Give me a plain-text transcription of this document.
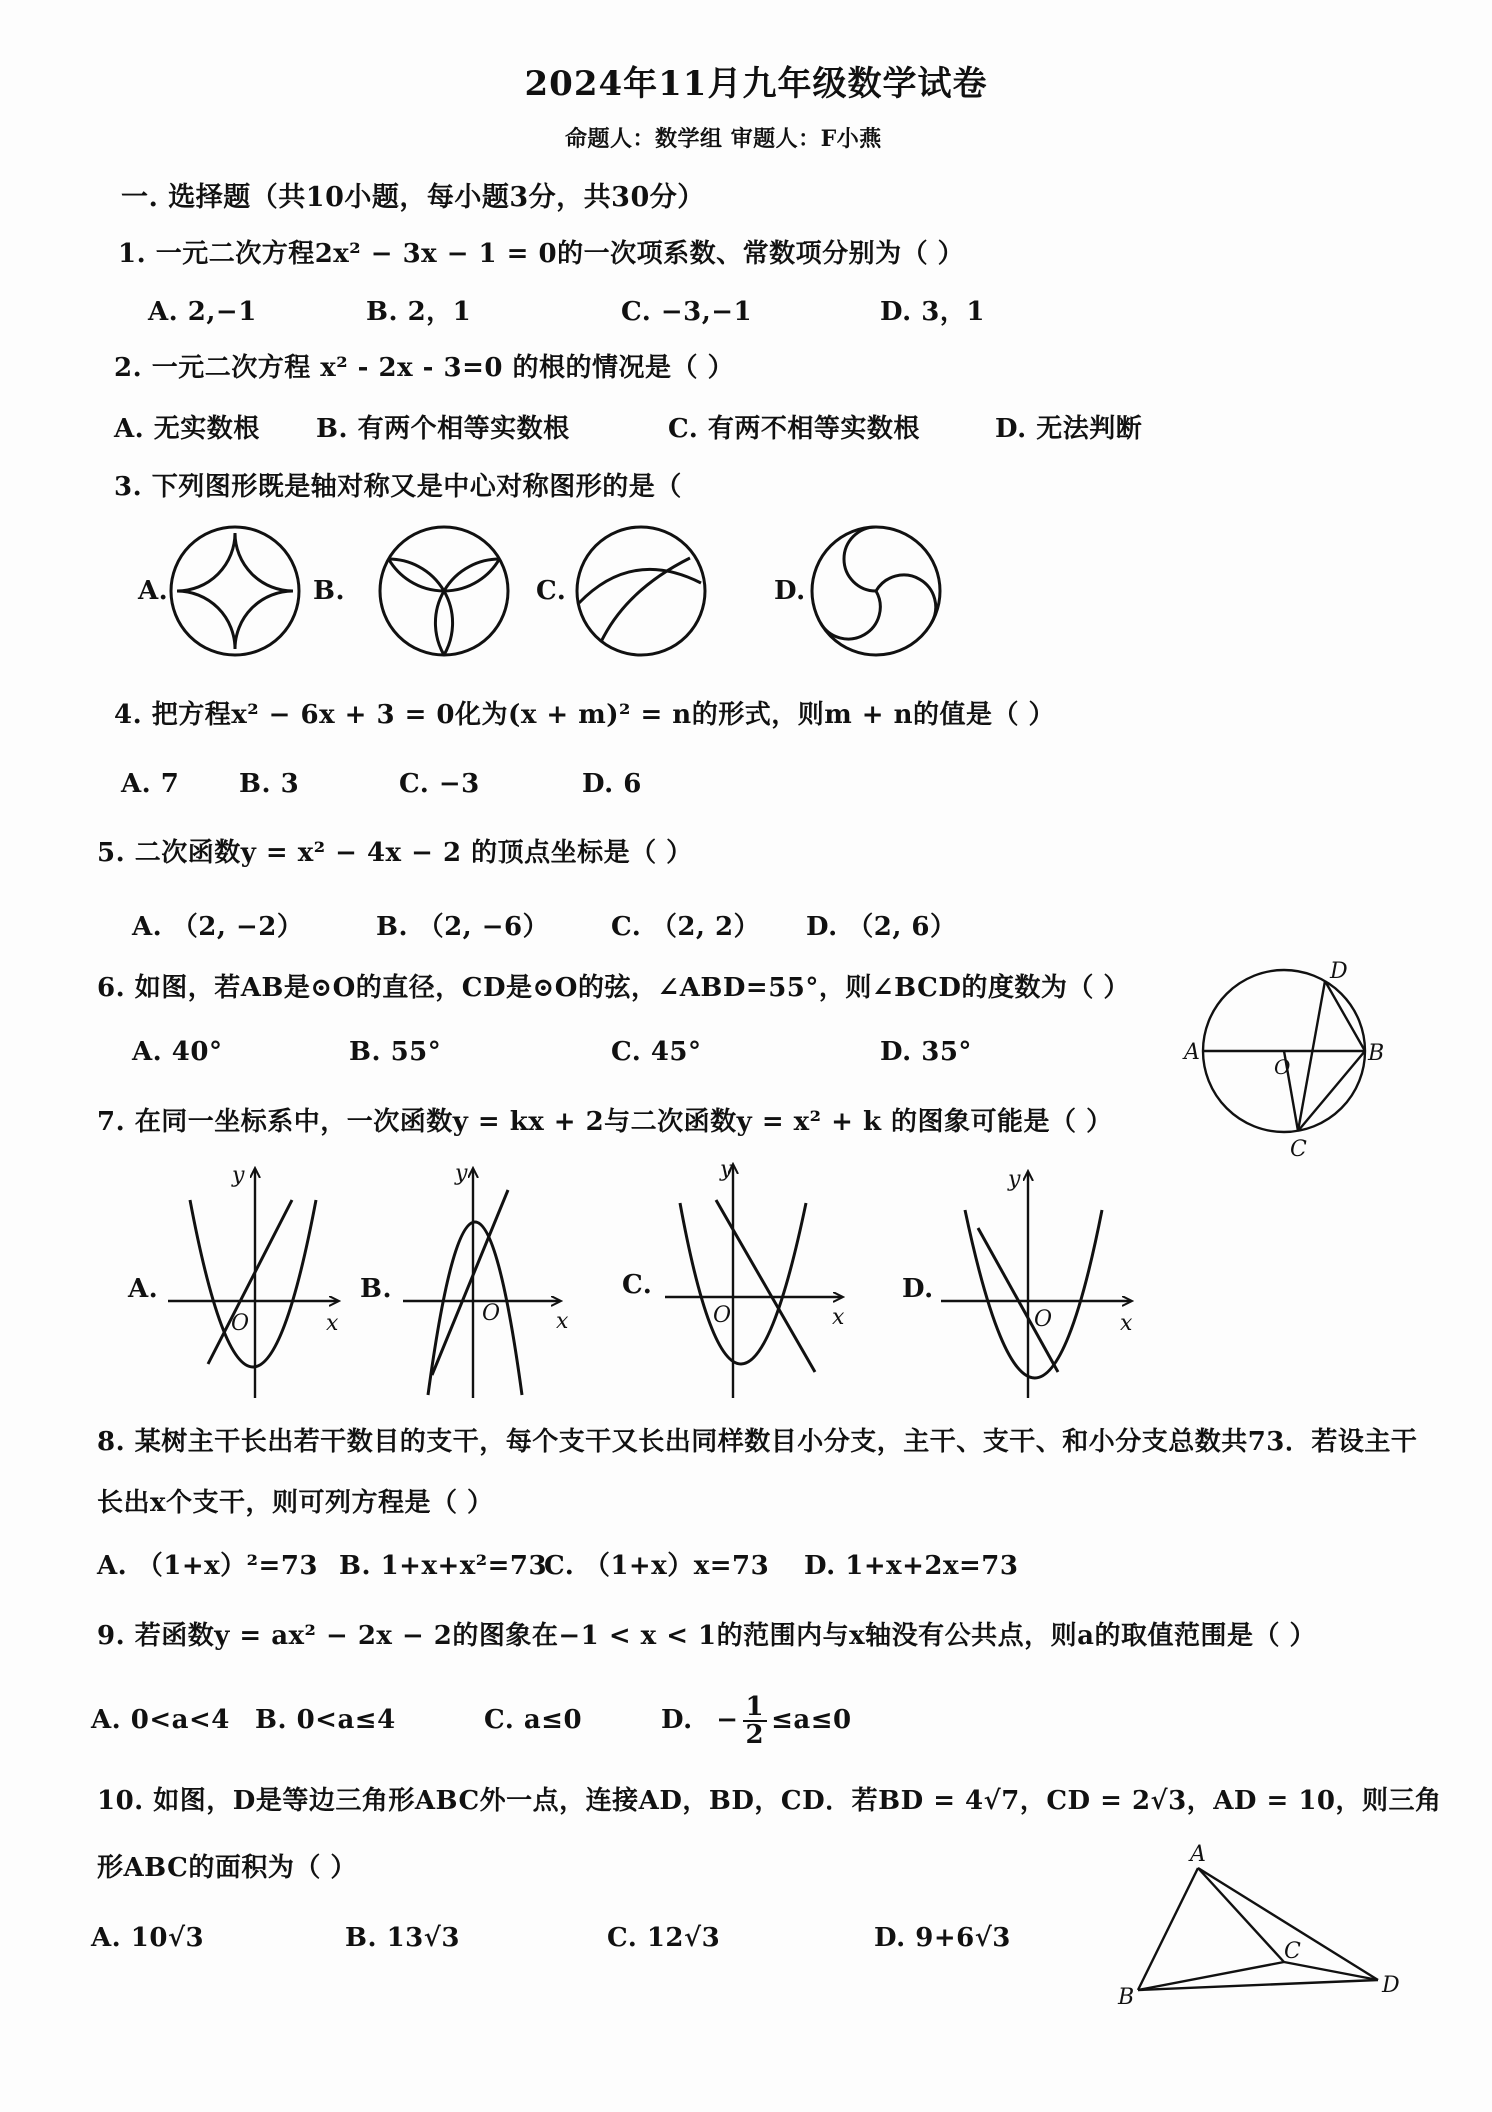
2024年11月九年级数学试卷
命题人：数学组 审题人：F小燕
一. 选择题（共10小题，每小题3分，共30分）
1. 一元二次方程2x² − 3x − 1 = 0的一次项系数、常数项分别为（ ）
A. 2,−1	B. 2，1	C. −3,−1	D. 3，1
2. 一元二次方程 x² - 2x - 3=0 的根的情况是（ ）
A. 无实数根 B. 有两个相等实数根	C. 有两不相等实数根	D. 无法判断
3. 下列图形既是轴对称又是中心对称图形的是（
A.	B.	C.	D.
4. 把方程x² − 6x + 3 = 0化为(x + m)² = n的形式，则m + n的值是（ ）
A. 7 B. 3	C. −3	D. 6
5. 二次函数y = x² − 4x − 2 的顶点坐标是（ ）
A. （2, −2）	B. （2, −6） C. （2, 2） D. （2, 6）
6. 如图，若AB是⊙O的直径，CD是⊙O的弦，∠ABD=55°，则∠BCD的度数为（ ）
A. 40°	B. 55°	C. 45°	D. 35°
7. 在同一坐标系中，一次函数y = kx + 2与二次函数y = x² + k 的图象可能是（ ）
A.	B.	C.	D.
8. 某树主干长出若干数目的支干，每个支干又长出同样数目小分支，主干、支干、和小分支总数共73．若设主干
长出x个支干，则可列方程是（ ）
A. （1+x）²=73 B. 1+x+x²=73
C. （1+x）x=73 D. 1+x+2x=73
9. 若函数y = ax² − 2x − 2的图象在−1 < x < 1的范围内与x轴没有公共点，则a的取值范围是（ ）
A. 0<a<4 B. 0<a≤4	C. a≤0	D. − $\frac{1}{2} \le a\le 0$
10. 如图，D是等边三角形ABC外一点，连接AD，BD，CD．若BD = 4√7，CD = 2√3，AD = 10，则三角
形ABC的面积为（ ）
A. 10√3	B. 13√3	C. 12√3	D. 9+6√3
A	B
D
C
O
y
x
O
y
x
O
y
x
O
y
x
O
A
B
C
D
